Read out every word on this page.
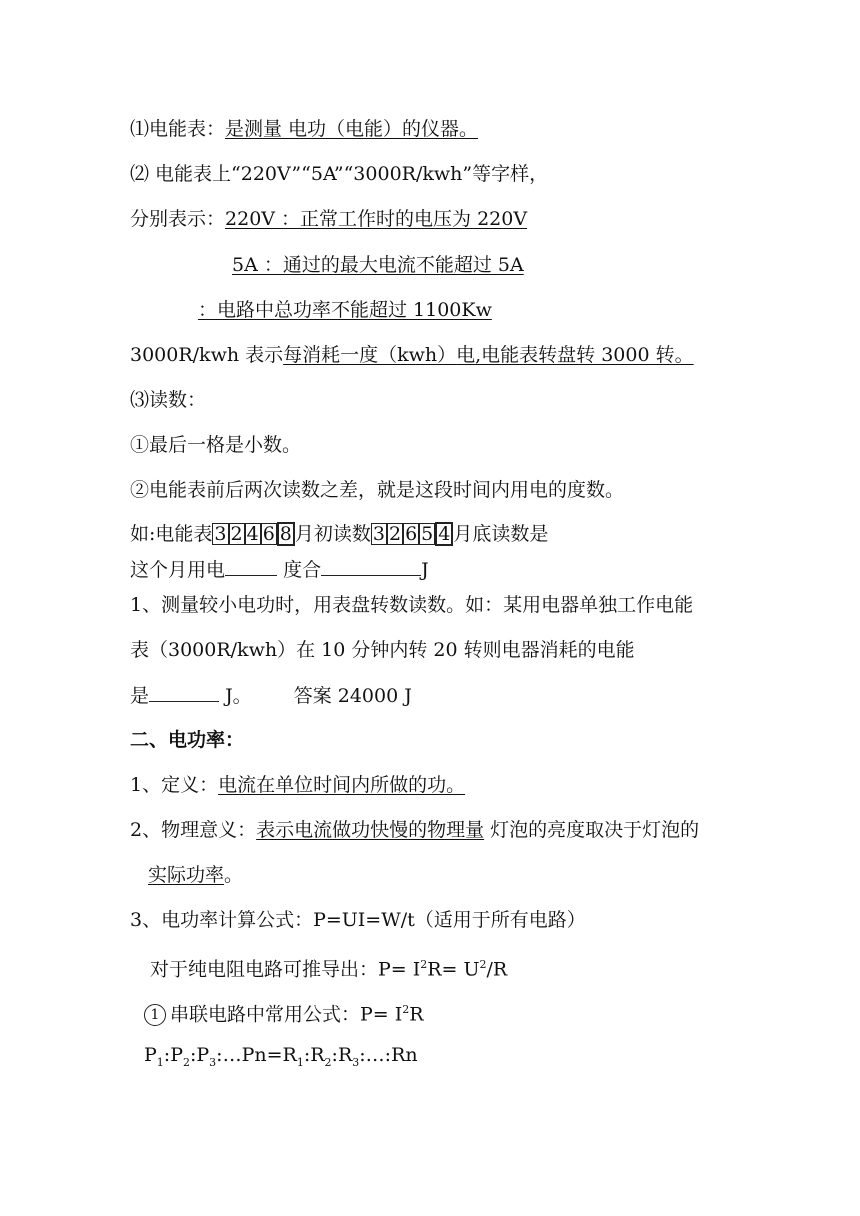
⑴电能表：是测量 电功（电能）的仪器。
⑵ 电能表上“220V”“5A”“3000R/kwh”等字样，
分别表示：220V ：正常工作时的电压为 220V
5A ：通过的最大电流不能超过 5A
：电路中总功率不能超过 1100Kw
3000R/kwh 表示每消耗一度（kwh）电,电能表转盘转 3000 转。
⑶读数：
①最后一格是小数。
②电能表前后两次读数之差，就是这段时间内用电的度数。
如:电能表 3 2 4 6 8 月初读数 3 2 6 5 4 月底读数是
这个月用电	度合	J
1、测量较小电功时，用表盘转数读数。如：某用电器单独工作电能
表（3000R/kwh）在 10 分钟内转 20 转则电器消耗的电能
是	J。 答案 24000 J
二、电功率：
1、定义：电流在单位时间内所做的功。
2、物理意义：表示电流做功快慢的物理量 灯泡的亮度取决于灯泡的
实际功率。
3、电功率计算公式：P=UI=W/t（适用于所有电路）
对于纯电阻电路可推导出：$P= I^2R= U^2/R$
1 串联电路中常用公式：$P= I^2R$
$P_1:P_2:P_3:\dots Pn=R_1:R_2:R_3:\dots:Rn$
